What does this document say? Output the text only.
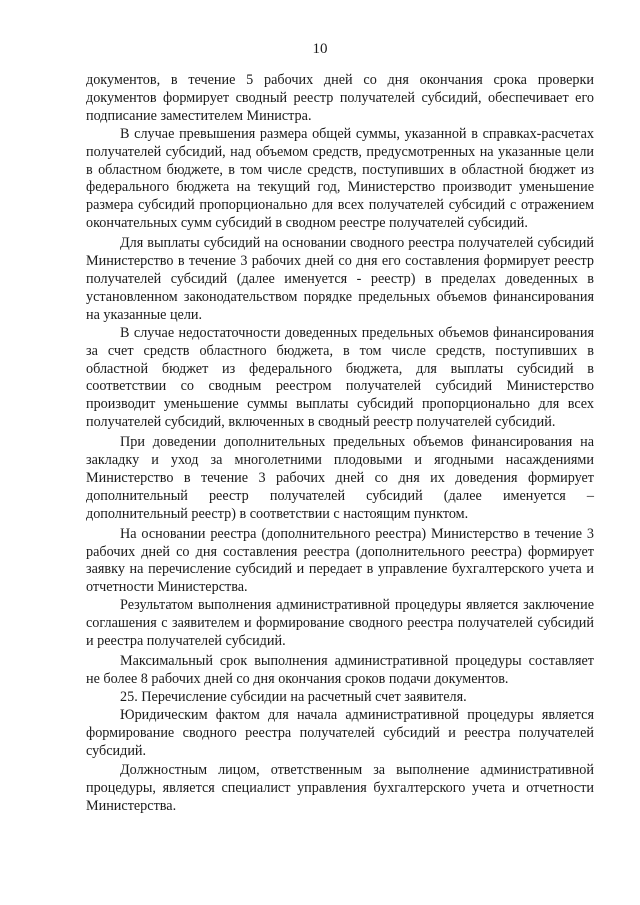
10

документов, в течение 5 рабочих дней со дня окончания срока проверки документов формирует сводный реестр получателей субсидий, обеспечивает его подписание заместителем Министра.

В случае превышения размера общей суммы, указанной в справках-расчетах получателей субсидий, над объемом средств, предусмотренных на указанные цели в областном бюджете, в том числе средств, поступивших в областной бюджет из федерального бюджета на текущий год, Министерство производит уменьшение размера субсидий пропорционально для всех получателей субсидий с отражением окончательных сумм субсидий в сводном реестре получателей субсидий.

Для выплаты субсидий на основании сводного реестра получателей субсидий Министерство в течение 3 рабочих дней со дня его составления формирует реестр получателей субсидий (далее именуется - реестр) в пределах доведенных в установленном законодательством порядке предельных объемов финансирования на указанные цели.

В случае недостаточности доведенных предельных объемов финансирования за счет средств областного бюджета, в том числе средств, поступивших в областной бюджет из федерального бюджета, для выплаты субсидий в соответствии со сводным реестром получателей субсидий Министерство производит уменьшение суммы выплаты субсидий пропорционально для всех получателей субсидий, включенных в сводный реестр получателей субсидий.

При доведении дополнительных предельных объемов финансирования на закладку и уход за многолетними плодовыми и ягодными насаждениями Министерство в течение 3 рабочих дней со дня их доведения формирует дополнительный реестр получателей субсидий (далее именуется – дополнительный реестр) в соответствии с настоящим пунктом.

На основании реестра (дополнительного реестра) Министерство в течение 3 рабочих дней со дня составления реестра (дополнительного реестра) формирует заявку на перечисление субсидий и передает в управление бухгалтерского учета и отчетности Министерства.

Результатом выполнения административной процедуры является заключение соглашения с заявителем и формирование сводного реестра получателей субсидий и реестра получателей субсидий.

Максимальный срок выполнения административной процедуры составляет не более 8 рабочих дней со дня окончания сроков подачи документов.

25. Перечисление субсидии на расчетный счет заявителя.

Юридическим фактом для начала административной процедуры является формирование сводного реестра получателей субсидий и реестра получателей субсидий.

Должностным лицом, ответственным за выполнение административной процедуры, является специалист управления бухгалтерского учета и отчетности Министерства.
